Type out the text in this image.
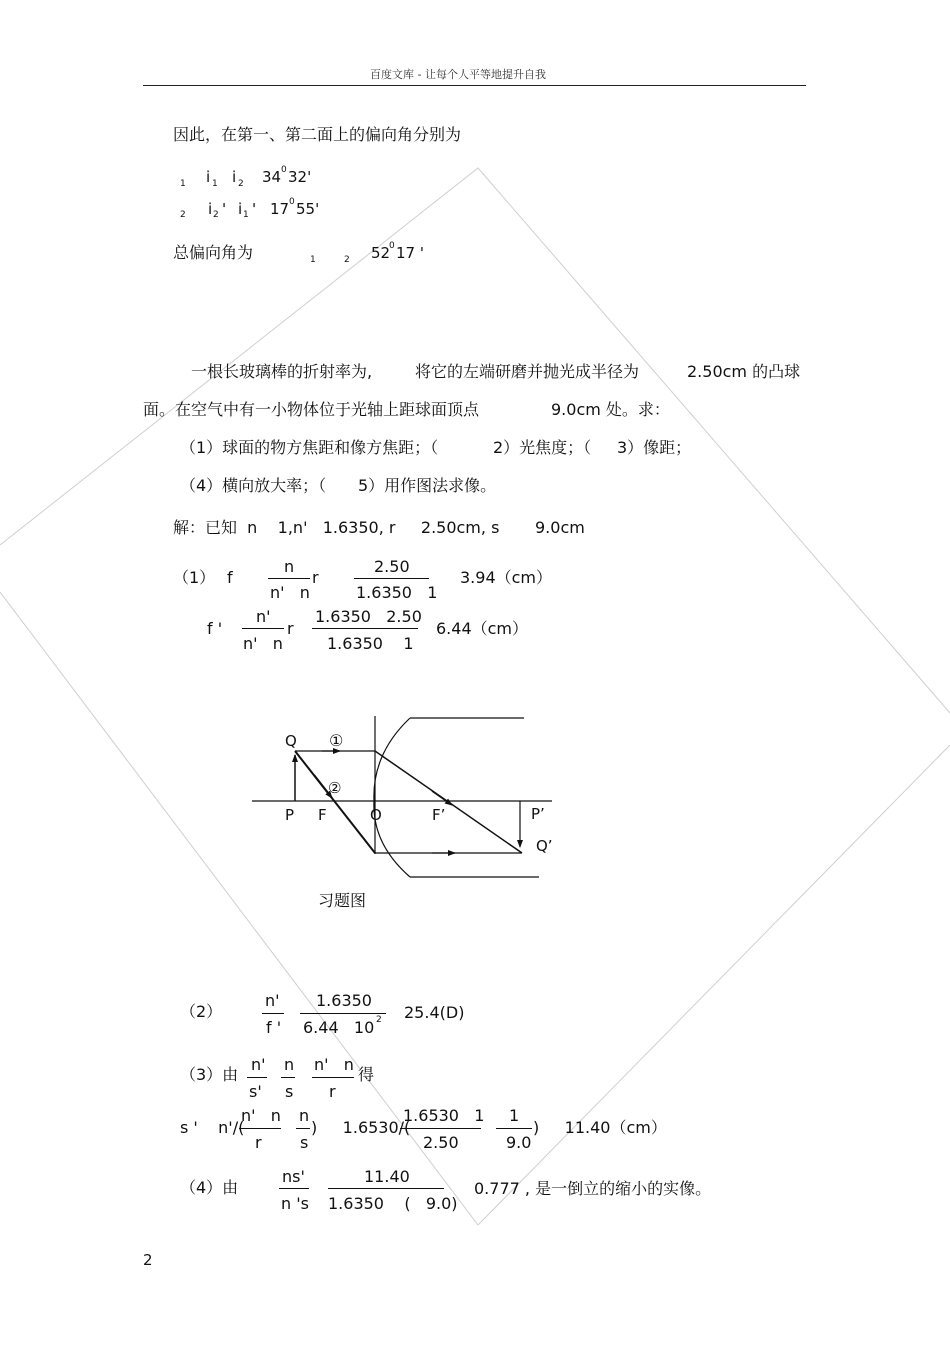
百度文库 - 让每个人平等地提升自我
因此，在第一、第二面上的偏向角分别为
1 i 1 i 2 34 0 32'
2 i 2 ' i 1 ' 17 0 55'
总偏向角为	1	2 52
0 17 '
一根长玻璃棒的折射率为,	将它的左端研磨并抛光成半径为	2.50cm 的凸球
面。在空气中有一小物体位于光轴上距球面顶点	9.0cm 处。求：
（1）球面的物方焦距和像方焦距；（	2）光焦度；（ 3）像距；
（4）横向放大率；（ 5）用作图法求像。
解：已知  n    1,n'   1.6350, r     2.50cm, s       9.0cm
（1） f
n
n'   n
r
2.50
1.6350   1
3.94（cm）
f '
n'
n'   n
r
1.6350   2.50
1.6350    1
6.44（cm）
Q ①
②
P F	O	F’	P’
Q’
习题图
（2）
n'
f '
1.6350
6.44   10 2 25.4(D)
（3）由
n'
s'
n
s
n'   n
r
得
s '    n'/(
n'   n
r
n
s
)     1.6530/(
1.6530   1
2.50
1
9.0
)     11.40（cm）
（4）由
ns'
n 's
11.40
1.6350    (   9.0)
0.777 , 是一倒立的缩小的实像。
2
